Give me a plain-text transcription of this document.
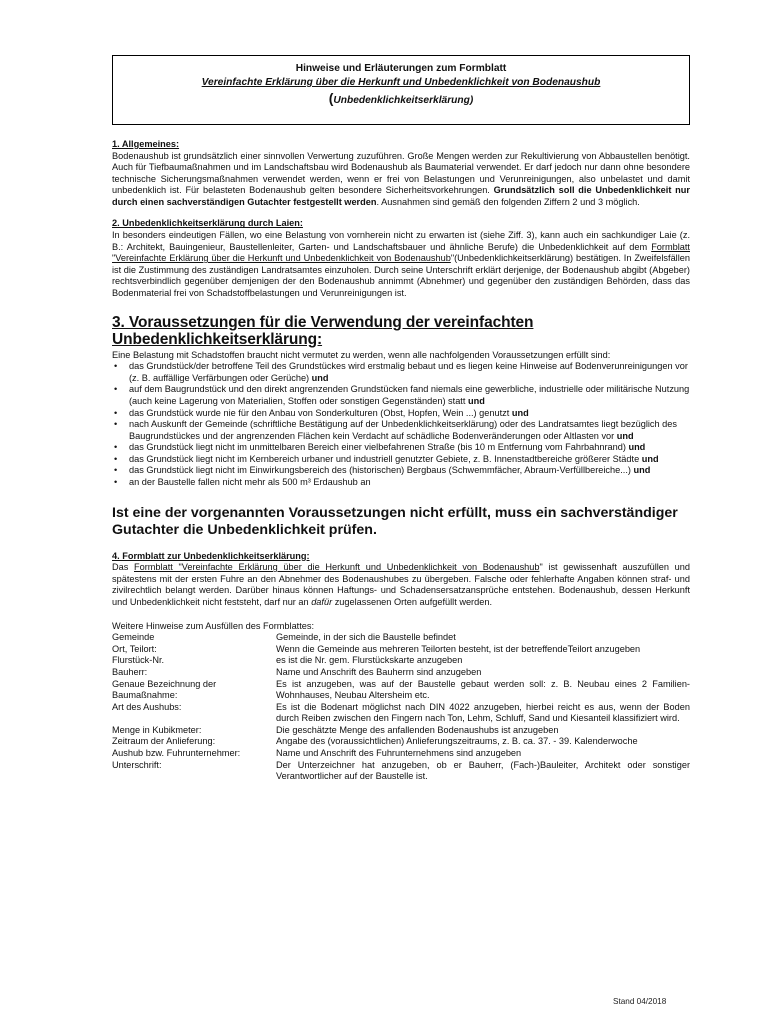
Hinweise und Erläuterungen zum Formblatt
Vereinfachte Erklärung über die Herkunft und Unbedenklichkeit von Bodenaushub
(Unbedenklichkeitserklärung)
1. Allgemeines:

Bodenaushub ist grundsätzlich einer sinnvollen Verwertung zuzuführen. Große Mengen werden zur Rekultivierung von Abbaustellen benötigt. Auch für Tiefbaumaßnahmen und im Landschaftsbau wird Bodenaushub als Baumaterial verwendet. Er darf jedoch nur dann ohne besondere technische Sicherungsmaßnahmen verwendet werden, wenn er frei von Belastungen und Verunreinigungen, also unbelastet und damit unbedenklich ist. Für belasteten Bodenaushub gelten besondere Sicherheitsvorkehrungen. Grundsätzlich soll die Unbedenklichkeit nur durch einen sachverständigen Gutachter festgestellt werden. Ausnahmen sind gemäß den folgenden Ziffern 2 und 3 möglich.

2. Unbedenklichkeitserklärung durch Laien:

In besonders eindeutigen Fällen, wo eine Belastung von vornherein nicht zu erwarten ist (siehe Ziff. 3), kann auch ein sachkundiger Laie (z. B.: Architekt, Bauingenieur, Baustellenleiter, Garten- und Landschaftsbauer und ähnliche Berufe) die Unbedenklichkeit auf dem Formblatt "Vereinfachte Erklärung über die Herkunft und Unbedenklichkeit von Bodenaushub"(Unbedenklichkeitserklärung) bestätigen. In Zweifelsfällen ist die Zustimmung des zuständigen Landratsamtes einzuholen. Durch seine Unterschrift erklärt derjenige, der Bodenaushub abgibt (Abgeber) rechtsverbindlich gegenüber demjenigen der den Bodenaushub annimmt (Abnehmer) und gegenüber den zuständigen Behörden, dass das Bodenmaterial frei von Schadstoffbelastungen und Verunreinigungen ist.

3. Voraussetzungen für die Verwendung der vereinfachten Unbedenklichkeitserklärung:

Eine Belastung mit Schadstoffen braucht nicht vermutet zu werden, wenn alle nachfolgenden Voraussetzungen erfüllt sind:

• das Grundstück/der betroffene Teil des Grundstückes wird erstmalig bebaut und es liegen keine Hinweise auf Bodenverunreinigungen vor (z. B. auffällige Verfärbungen oder Gerüche) und
• auf dem Baugrundstück und den direkt angrenzenden Grundstücken fand niemals eine gewerbliche, industrielle oder militärische Nutzung (auch keine Lagerung von Materialien, Stoffen oder sonstigen Gegenständen) statt und
• das Grundstück wurde nie für den Anbau von Sonderkulturen (Obst, Hopfen, Wein ...) genutzt und
• nach Auskunft der Gemeinde (schriftliche Bestätigung auf der Unbedenklichkeitserklärung) oder des Landratsamtes liegt bezüglich des Baugrundstückes und der angrenzenden Flächen kein Verdacht auf schädliche Bodenveränderungen oder Altlasten vor und
• das Grundstück liegt nicht im unmittelbaren Bereich einer vielbefahrenen Straße (bis 10 m Entfernung vom Fahrbahnrand) und
• das Grundstück liegt nicht im Kernbereich urbaner und industriell genutzter Gebiete, z. B. Innenstadtbereiche größerer Städte und
• das Grundstück liegt nicht im Einwirkungsbereich des (historischen) Bergbaus (Schwemmfächer, Abraum-Verfüllbereiche...) und
• an der Baustelle fallen nicht mehr als 500 m³ Erdaushub an

Ist eine der vorgenannten Voraussetzungen nicht erfüllt, muss ein sachverständiger Gutachter die Unbedenklichkeit prüfen.

4. Formblatt zur Unbedenklichkeitserklärung:

Das Formblatt "Vereinfachte Erklärung über die Herkunft und Unbedenklichkeit von Bodenaushub" ist gewissenhaft auszufüllen und spätestens mit der ersten Fuhre an den Abnehmer des Bodenaushubes zu übergeben. Falsche oder fehlerhafte Angaben können straf- und zivilrechtlich belangt werden. Darüber hinaus können Haftungs- und Schadensersatzansprüche entstehen. Bodenaushub, dessen Herkunft und Unbedenklichkeit nicht feststeht, darf nur an dafür zugelassenen Orten aufgefüllt werden.

Weitere Hinweise zum Ausfüllen des Formblattes:

Gemeinde	Gemeinde, in der sich die Baustelle befindet
Ort, Teilort:	Wenn die Gemeinde aus mehreren Teilorten besteht, ist der betreffendeTeilort anzugeben
Flurstück-Nr.	es ist die Nr. gem. Flurstückskarte anzugeben
Bauherr:	Name und Anschrift des Bauherrn sind anzugeben
Genaue Bezeichnung der Baumaßnahme:	Es ist anzugeben, was auf der Baustelle gebaut werden soll: z. B. Neubau eines 2 Familien- Wohnhauses, Neubau Altersheim etc.
Art des Aushubs:	Es ist die Bodenart möglichst nach DIN 4022 anzugeben, hierbei reicht es aus, wenn der Boden durch Reiben zwischen den Fingern nach Ton, Lehm, Schluff, Sand und Kiesanteil klassifiziert wird.
Menge in Kubikmeter:	Die geschätzte Menge des anfallenden Bodenaushubs ist anzugeben
Zeitraum der Anlieferung:	Angabe des (voraussichtlichen) Anlieferungszeitraums, z. B. ca. 37. - 39. Kalenderwoche
Aushub bzw. Fuhrunternehmer:	Name und Anschrift des Fuhrunternehmens sind anzugeben
Unterschrift:	Der Unterzeichner hat anzugeben, ob er Bauherr, (Fach-)Bauleiter, Architekt oder sonstiger Verantwortlicher auf der Baustelle ist.
Stand 04/2018
